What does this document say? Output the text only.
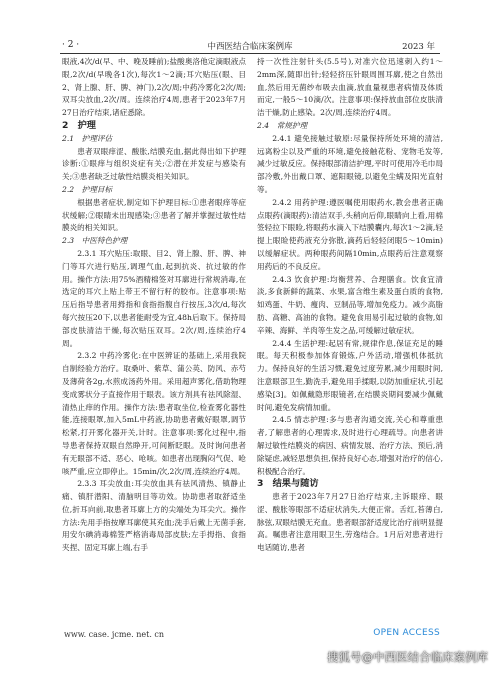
· 2 ·	中西医结合临床案例库	2023 年

眼液,4次/d(早、中、晚及睡前);盐酸奥洛他定滴眼液点眼,2次/d(早晚各1次),每次1～2滴;耳穴贴压(眼、目2、肾上腺、肝、脾、神门),2次/周;中药冷雾化2次/周;双耳尖放血,2次/周。连续治疗4周,患者于2023年7月27日治疗结束,诸症悉除。

2　护理

2.1　护理评估

患者双眼痒涩、酸胀,结膜充血,据此得出如下护理诊断:①眼痒与组织炎症有关;②潜在并发症与感染有关;③患者缺乏过敏性结膜炎相关知识。

2.2　护理目标

根据患者症状,制定如下护理目标:①患者眼痒等症状缓解;②眼睛未出现感染;③患者了解并掌握过敏性结膜炎的相关知识。

2.3　中医特色护理

2.3.1 耳穴贴压:取眼、目2、肾上腺、肝、脾、神门等耳穴进行贴压,调理气血,起到抗炎、抗过敏的作用。操作方法:用75%酒精棉签对耳廓进行常规消毒,在选定的耳穴上贴上带王不留行籽的胶布。注意事项:贴压后指导患者用拇指和食指指腹自行按压,3次/d,每次每穴按压20下,以患者能耐受为宜,48h后取下。保持局部皮肤清洁干燥,每次贴压双耳。2次/周,连续治疗4周。

2.3.2 中药冷雾化:在中医辨证的基础上,采用我院自制经验方治疗。取桑叶、紫草、蒲公英、防风、赤芍及薄荷各2g,水煎成汤药外用。采用超声雾化,借助物理变成雾状分子直接作用于眼表。该方剂具有祛风除湿、清热止痒的作用。操作方法:患者取坐位,检查雾化器性能,连接眼罩,加入5mL中药液,协助患者戴好眼罩,调节松紧,打开雾化器开关,计时。注意事项:雾化过程中,指导患者保持双眼自然睁开,可间断眨眼。及时询问患者有无眼部不适、恶心、呛咳。如患者出现胸闷气促、呛咳严重,应立即停止。15min/次,2次/周,连续治疗4周。

2.3.3 耳尖放血:耳尖放血具有祛风清热、镇静止痛、镇肝潜阳、清脑明目等功效。协助患者取舒适坐位,折耳向前,取患者耳廓上方的尖端处为耳尖穴。操作方法:先用手指按摩耳廓使其充血;洗手后戴上无菌手套,用安尔碘消毒棉签严格消毒局部皮肤;左手拇指、食指夹捏、固定耳廓上端,右手

持一次性注射针头(5.5号),对准穴位迅速刺入约1～2mm深,随即出针;轻轻挤压针眼周围耳廓,使之自然出血,然后用无菌纱布吸去血滴,放血量视患者病情及体质而定,一般5～10滴/次。注意事项:保持放血部位皮肤清洁干燥,防止感染。2次/周,连续治疗4周。

2.4　常规护理

2.4.1 避免接触过敏原:尽量保持所处环境的清洁,远离粉尘以及严重的环境,避免接触花粉、宠物毛发等,减少过敏反应。保持眼部清洁护理,平时可使用冷毛巾局部冷敷,外出戴口罩、遮阳眼镜,以避免尘螨及阳光直射等。

2.4.2 用药护理:遵医嘱使用眼药水,教会患者正确点眼药(滴眼药):清洁双手,头稍向后仰,眼睛向上看,用棉签轻拉下眼睑,将眼药水滴入下结膜囊内,每次1～2滴,轻提上眼睑使药液充分弥散,滴药后轻轻闭眼5～10min)以缓解症状。两种眼药间隔10min,点眼药后注意观察用药后的不良反应。

2.4.3 饮食护理:均衡营养、合理膳食。饮食宜清淡,多食新鲜的蔬菜、水果,富含维生素及蛋白质的食物,如鸡蛋、牛奶、瘦肉、豆制品等,增加免疫力。减少高脂肪、高糖、高油的食物。避免食用易引起过敏的食物,如辛辣、海鲜、羊肉等生发之品,可缓解过敏症状。

2.4.4 生活护理:起居有常,规律作息,保证充足的睡眠。每天积极参加体育锻炼,户外活动,增强机体抵抗力。保持良好的生活习惯,避免过度劳累,减少用眼时间,注意眼部卫生,勤洗手,避免用手揉眼,以防加重症状,引起感染[3]。如佩戴隐形眼镜者,在结膜炎期间要减少佩戴时间,避免发病情加重。

2.4.5 情志护理:多与患者沟通交流,关心和尊重患者,了解患者的心理需求,及时进行心理疏导。向患者讲解过敏性结膜炎的病因、病情发展、治疗方法、预后,消除疑虑,减轻思想负担,保持良好心态,增强对治疗的信心,积极配合治疗。

3　结果与随访

患者于2023年7月27日治疗结束,主诉眼痒、眼涩、酸胀等眼部不适症状消失,大便正常。舌红,苔薄白,脉弦,双眼结膜无充血。患者眼部舒适度比治疗前明显提高。嘱患者注意用眼卫生,劳逸结合。1月后对患者进行电话随访,患者

www. case. jcme. net. cn	OPEN ACCESS
搜狐号@中西医结合临床案例库
